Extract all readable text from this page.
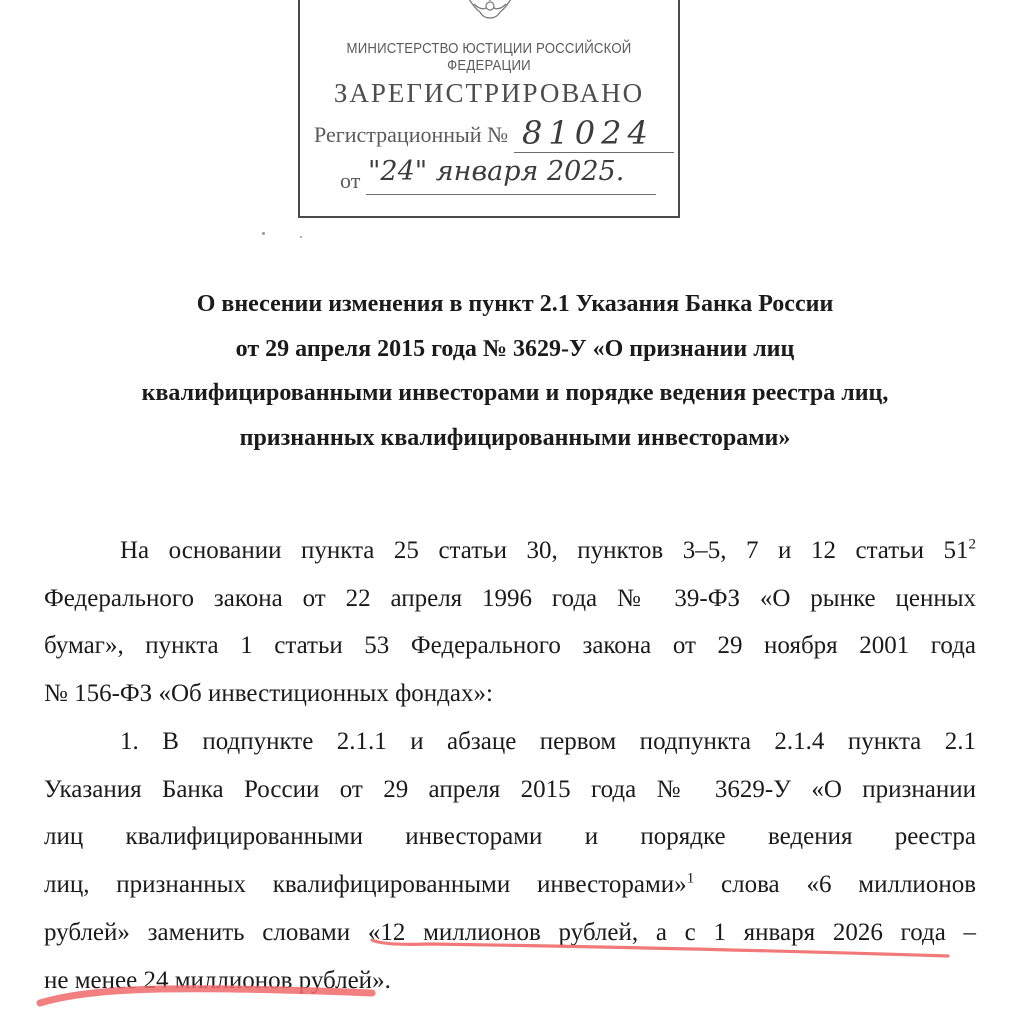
МИНИСТЕРСТВО ЮСТИЦИИ РОССИЙСКОЙ ФЕДЕРАЦИИ
ЗАРЕГИСТРИРОВАНО
Регистрационный № 81024
от "24" января 2025.
О внесении изменения в пункт 2.1 Указания Банка России
от 29 апреля 2015 года № 3629-У «О признании лиц
квалифицированными инвесторами и порядке ведения реестра лиц,
признанных квалифицированными инвесторами»
На основании пункта 25 статьи 30, пунктов 3–5, 7 и 12 статьи $51^2$
Федерального закона от 22 апреля 1996 года № 39-ФЗ «О рынке ценных
бумаг», пункта 1 статьи 53 Федерального закона от 29 ноября 2001 года
№ 156-ФЗ «Об инвестиционных фондах»:
1. В подпункте 2.1.1 и абзаце первом подпункта 2.1.4 пункта 2.1
Указания Банка России от 29 апреля 2015 года № 3629-У «О признании
лиц квалифицированными инвесторами и порядке ведения реестра
лиц, признанных квалифицированными инвесторами»$^1$ слова «6 миллионов
рублей» заменить словами «12 миллионов рублей, а с 1 января 2026 года –
не менее 24 миллионов рублей».
